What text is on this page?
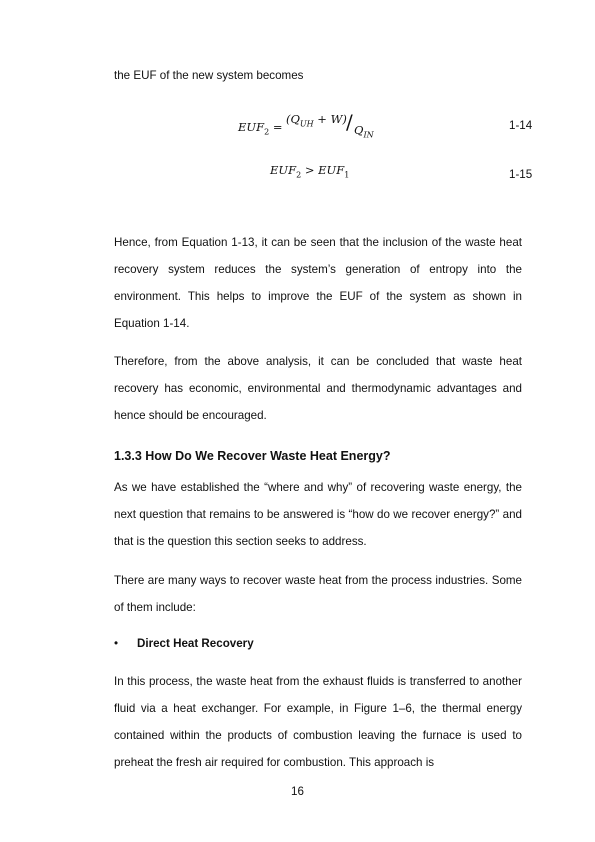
the EUF of the new system becomes
$EUF_2$ =
$(Q_{UH} + W) / Q_{IN}$
1-14
$EUF_2 > EUF_1$	1-15

Hence, from Equation 1-13, it can be seen that the inclusion of the waste heat recovery system reduces the system’s generation of entropy into the environment. This helps to improve the EUF of the system as shown in Equation 1-14.

Therefore, from the above analysis, it can be concluded that waste heat recovery has economic, environmental and thermodynamic advantages and hence should be encouraged.

1.3.3 How Do We Recover Waste Heat Energy?

As we have established the “where and why” of recovering waste energy, the next question that remains to be answered is “how do we recover energy?” and that is the question this section seeks to address.

There are many ways to recover waste heat from the process industries. Some of them include:

• Direct Heat Recovery

In this process, the waste heat from the exhaust fluids is transferred to another fluid via a heat exchanger. For example, in Figure 1–6, the thermal energy contained within the products of combustion leaving the furnace is used to preheat the fresh air required for combustion. This approach is

16
